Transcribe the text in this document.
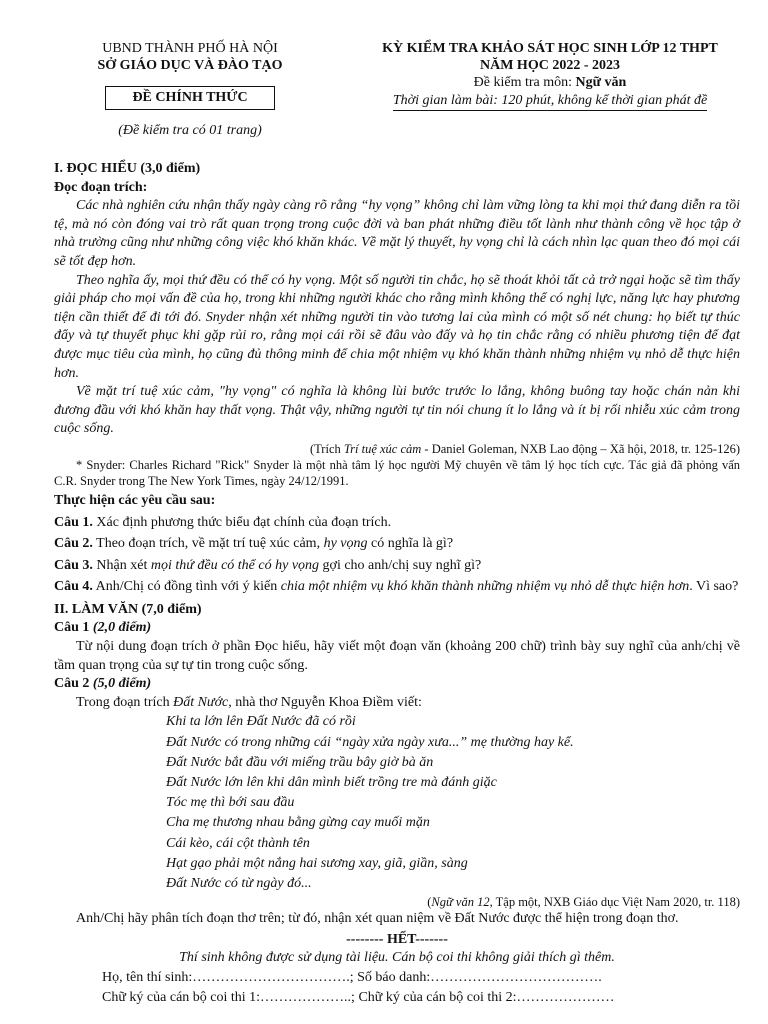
UBND THÀNH PHỐ HÀ NỘI
SỞ GIÁO DỤC VÀ ĐÀO TẠO
ĐỀ CHÍNH THỨC
(Đề kiểm tra có 01 trang)
KỲ KIỂM TRA KHẢO SÁT HỌC SINH LỚP 12 THPT
NĂM HỌC 2022 - 2023
Đề kiểm tra môn: Ngữ văn
Thời gian làm bài: 120 phút, không kể thời gian phát đề

I. ĐỌC HIỂU (3,0 điểm)

Đọc đoạn trích:

Các nhà nghiên cứu nhận thấy ngày càng rõ rằng “hy vọng” không chỉ làm vững lòng ta khi mọi thứ đang diễn ra tồi tệ, mà nó còn đóng vai trò rất quan trọng trong cuộc đời và ban phát những điều tốt lành như thành công về học tập ở nhà trường cũng như những công việc khó khăn khác. Về mặt lý thuyết, hy vọng chỉ là cách nhìn lạc quan theo đó mọi cái sẽ tốt đẹp hơn.

Theo nghĩa ấy, mọi thứ đều có thể có hy vọng. Một số người tin chắc, họ sẽ thoát khỏi tất cả trở ngại hoặc sẽ tìm thấy giải pháp cho mọi vấn đề của họ, trong khi những người khác cho rằng mình không thể có nghị lực, năng lực hay phương tiện cần thiết để đi tới đó. Snyder nhận xét những người tin vào tương lai của mình có một số nét chung: họ biết tự thúc đẩy và tự thuyết phục khi gặp rủi ro, rằng mọi cái rồi sẽ đâu vào đấy và họ tin chắc rằng có nhiều phương tiện để đạt được mục tiêu của mình, họ cũng đủ thông minh để chia một nhiệm vụ khó khăn thành những nhiệm vụ nhỏ dễ thực hiện hơn.

Về mặt trí tuệ xúc cảm, "hy vọng" có nghĩa là không lùi bước trước lo lắng, không buông tay hoặc chán nản khi đương đầu với khó khăn hay thất vọng. Thật vậy, những người tự tin nói chung ít lo lắng và ít bị rối nhiễu xúc cảm trong cuộc sống.

(Trích Trí tuệ xúc cảm - Daniel Goleman, NXB Lao động – Xã hội, 2018, tr. 125-126)

* Snyder: Charles Richard "Rick" Snyder là một nhà tâm lý học người Mỹ chuyên về tâm lý học tích cực. Tác giả đã phỏng vấn C.R. Snyder trong The New York Times, ngày 24/12/1991.

Thực hiện các yêu cầu sau:

Câu 1. Xác định phương thức biểu đạt chính của đoạn trích.

Câu 2. Theo đoạn trích, về mặt trí tuệ xúc cảm, hy vọng có nghĩa là gì?

Câu 3. Nhận xét mọi thứ đều có thể có hy vọng gợi cho anh/chị suy nghĩ gì?

Câu 4. Anh/Chị có đồng tình với ý kiến chia một nhiệm vụ khó khăn thành những nhiệm vụ nhỏ dễ thực hiện hơn. Vì sao?

II. LÀM VĂN (7,0 điểm)

Câu 1 (2,0 điểm)

Từ nội dung đoạn trích ở phần Đọc hiểu, hãy viết một đoạn văn (khoảng 200 chữ) trình bày suy nghĩ của anh/chị về tầm quan trọng của sự tự tin trong cuộc sống.

Câu 2 (5,0 điểm)

Trong đoạn trích Đất Nước, nhà thơ Nguyễn Khoa Điềm viết:

Khi ta lớn lên Đất Nước đã có rồi
Đất Nước có trong những cái “ngày xửa ngày xưa...” mẹ thường hay kể.
Đất Nước bắt đầu với miếng trầu bây giờ bà ăn
Đất Nước lớn lên khi dân mình biết trồng tre mà đánh giặc
Tóc mẹ thì bới sau đầu
Cha mẹ thương nhau bằng gừng cay muối mặn
Cái kèo, cái cột thành tên
Hạt gạo phải một nắng hai sương xay, giã, giần, sàng
Đất Nước có từ ngày đó...

(Ngữ văn 12, Tập một, NXB Giáo dục Việt Nam 2020, tr. 118)

Anh/Chị hãy phân tích đoạn thơ trên; từ đó, nhận xét quan niệm về Đất Nước được thể hiện trong đoạn thơ.

-------- HẾT-------

Thí sinh không được sử dụng tài liệu. Cán bộ coi thi không giải thích gì thêm.

Họ, tên thí sinh:…………………………….; Số báo danh:……………………………….

Chữ ký của cán bộ coi thi 1:………………..; Chữ ký của cán bộ coi thi 2:…………………
